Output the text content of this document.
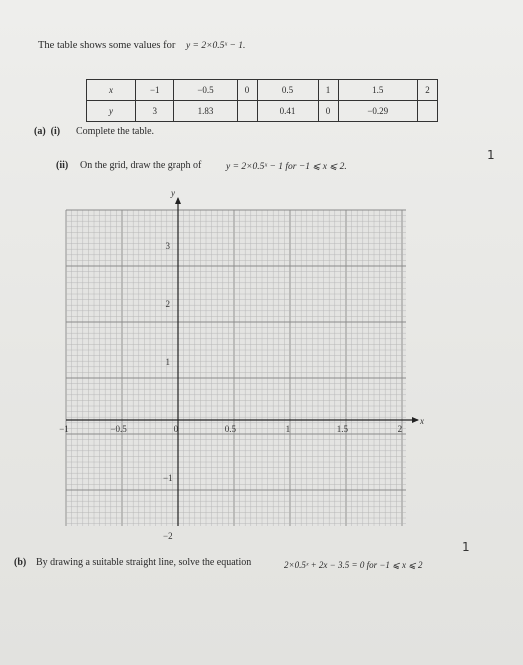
The table shows some values for y = 2×0.5ˣ − 1.
x	−1	−0.5	0	0.5	1	1.5	2
y	3	1.83		0.41	0	−0.29	
(a) (i) Complete the table.
1
(ii) On the grid, draw the graph of	y = 2×0.5ˣ − 1 for −1 ⩽ x ⩽ 2.
y
x
−1	−0.5	0	0.5	1	1.5	2
3
2
1
−1
−2
(b) By drawing a suitable straight line, solve the equation	2×0.5ˣ + 2x − 3.5 = 0 for −1 ⩽ x ⩽ 2
1
